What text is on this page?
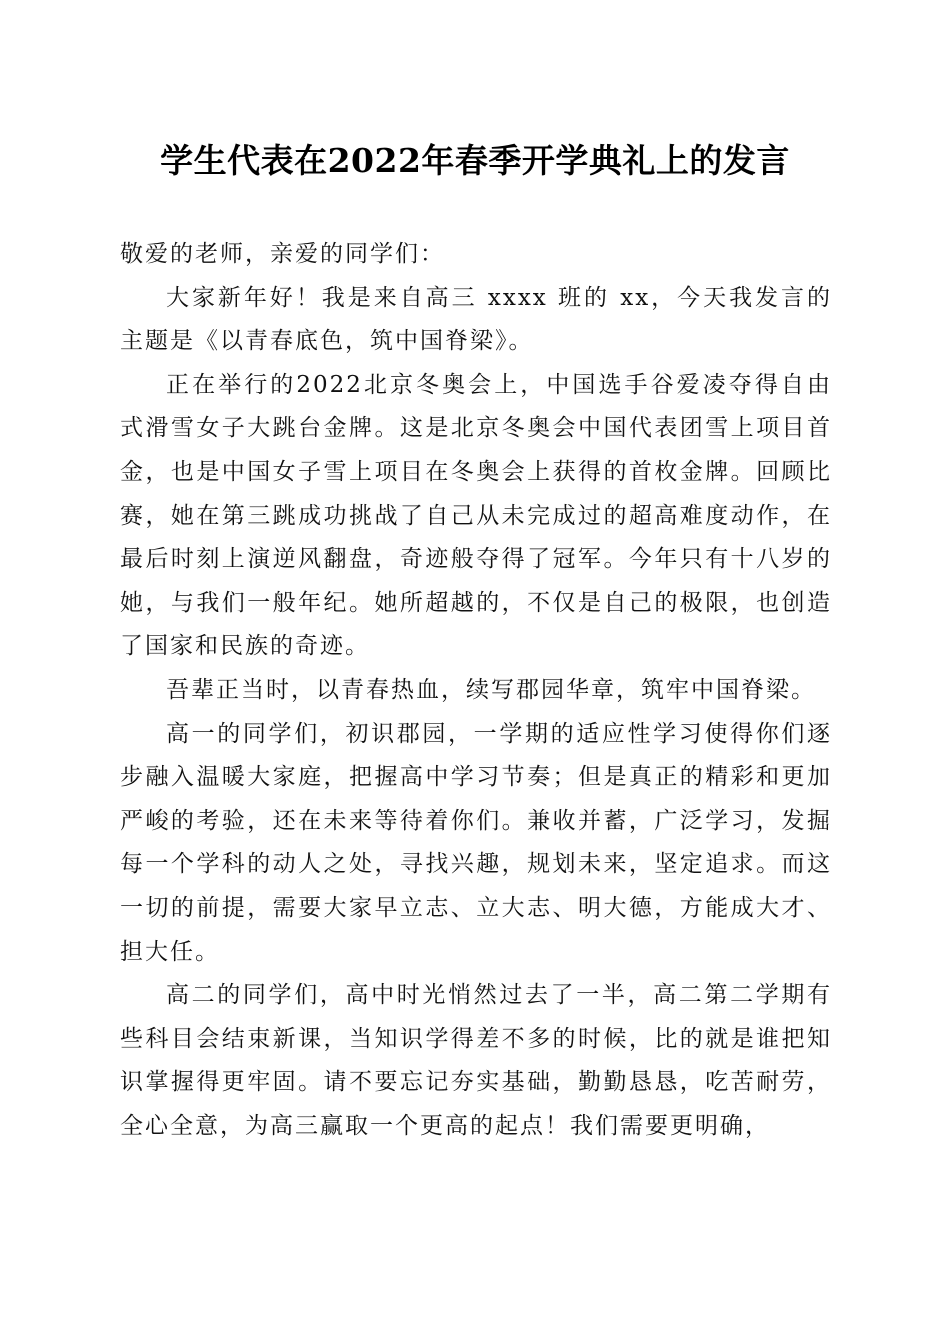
学生代表在2022年春季开学典礼上的发言

敬爱的老师，亲爱的同学们：

大家新年好！我是来自高三 xxxx 班的 xx，今天我发言的主题是《以青春底色，筑中国脊梁》。

正在举行的2022北京冬奥会上，中国选手谷爱凌夺得自由式滑雪女子大跳台金牌。这是北京冬奥会中国代表团雪上项目首金，也是中国女子雪上项目在冬奥会上获得的首枚金牌。回顾比赛，她在第三跳成功挑战了自己从未完成过的超高难度动作，在最后时刻上演逆风翻盘，奇迹般夺得了冠军。今年只有十八岁的她，与我们一般年纪。她所超越的，不仅是自己的极限，也创造了国家和民族的奇迹。

吾辈正当时，以青春热血，续写郡园华章，筑牢中国脊梁。

高一的同学们，初识郡园，一学期的适应性学习使得你们逐步融入温暖大家庭，把握高中学习节奏；但是真正的精彩和更加严峻的考验，还在未来等待着你们。兼收并蓄，广泛学习，发掘每一个学科的动人之处，寻找兴趣，规划未来，坚定追求。而这一切的前提，需要大家早立志、立大志、明大德，方能成大才、担大任。

高二的同学们，高中时光悄然过去了一半，高二第二学期有些科目会结束新课，当知识学得差不多的时候，比的就是谁把知识掌握得更牢固。请不要忘记夯实基础，勤勤恳恳，吃苦耐劳，全心全意，为高三赢取一个更高的起点！我们需要更明确，
